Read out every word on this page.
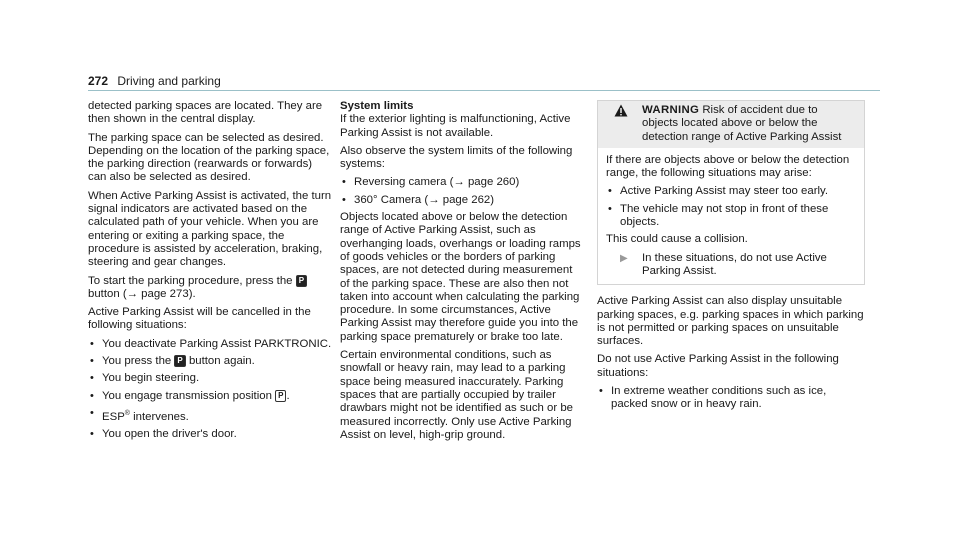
272 Driving and parking

detected parking spaces are located. They are then shown in the central display.

The parking space can be selected as desired. Depending on the location of the parking space, the parking direction (rearwards or forwards) can also be selected as desired.

When Active Parking Assist is activated, the turn signal indicators are activated based on the calculated path of your vehicle. When you are entering or exiting a parking space, the procedure is assisted by acceleration, braking, steering and gear changes.

To start the parking procedure, press the P button (→ page 273).

Active Parking Assist will be cancelled in the following situations:

• You deactivate Parking Assist PARKTRONIC.
• You press the P button again.
• You begin steering.
• You engage transmission position P .
• ESP® intervenes.
• You open the driver's door.
System limits

If the exterior lighting is malfunctioning, Active Parking Assist is not available.

Also observe the system limits of the following systems:

• Reversing camera (→ page 260)
• 360° Camera (→ page 262)

Objects located above or below the detection range of Active Parking Assist, such as overhanging loads, overhangs or loading ramps of goods vehicles or the borders of parking spaces, are not detected during measurement of the parking space. These are also then not taken into account when calculating the parking procedure. In some circumstances, Active Parking Assist may therefore guide you into the parking space prematurely or brake too late.

Certain environmental conditions, such as snowfall or heavy rain, may lead to a parking space being measured inaccurately. Parking spaces that are partially occupied by trailer drawbars might not be identified as such or be measured incorrectly. Only use Active Parking Assist on level, high-grip ground.

WARNING Risk of accident due to objects located above or below the detection range of Active Parking Assist

If there are objects above or below the detection range, the following situations may arise:

• Active Parking Assist may steer too early.
• The vehicle may not stop in front of these objects.

This could cause a collision.

▶ In these situations, do not use Active Parking Assist.

Active Parking Assist can also display unsuitable parking spaces, e.g. parking spaces in which parking is not permitted or parking spaces on unsuitable surfaces.

Do not use Active Parking Assist in the following situations:

• In extreme weather conditions such as ice, packed snow or in heavy rain.
